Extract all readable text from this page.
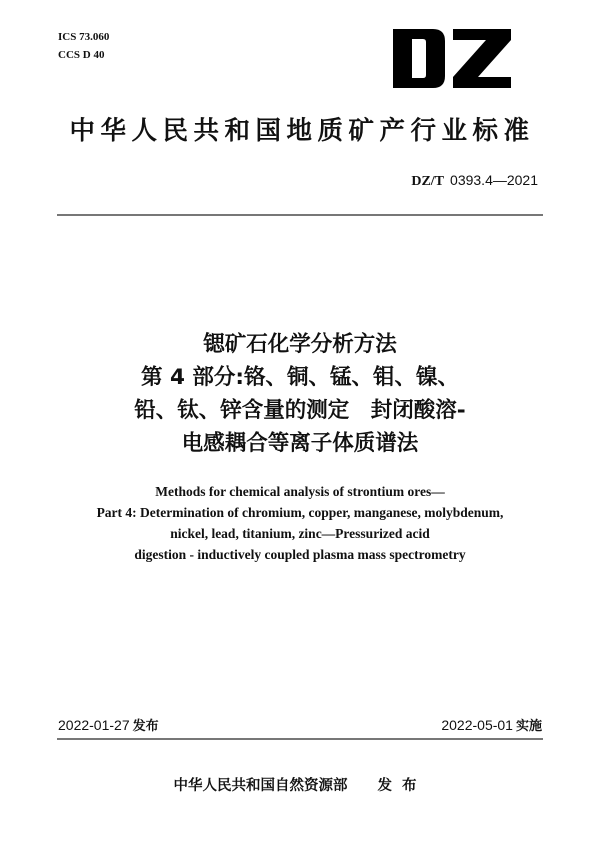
ICS 73.060
CCS D 40
中华人民共和国地质矿产行业标准
DZ/T 0393.4—2021
锶矿石化学分析方法
第 4 部分:铬、铜、锰、钼、镍、
铅、钛、锌含量的测定　封闭酸溶-
电感耦合等离子体质谱法
Methods for chemical analysis of strontium ores—
Part 4: Determination of chromium, copper, manganese, molybdenum,
nickel, lead, titanium, zinc—Pressurized acid
digestion - inductively coupled plasma mass spectrometry
2022-01-27 发布	2022-05-01 实施
中华人民共和国自然资源部 发布
